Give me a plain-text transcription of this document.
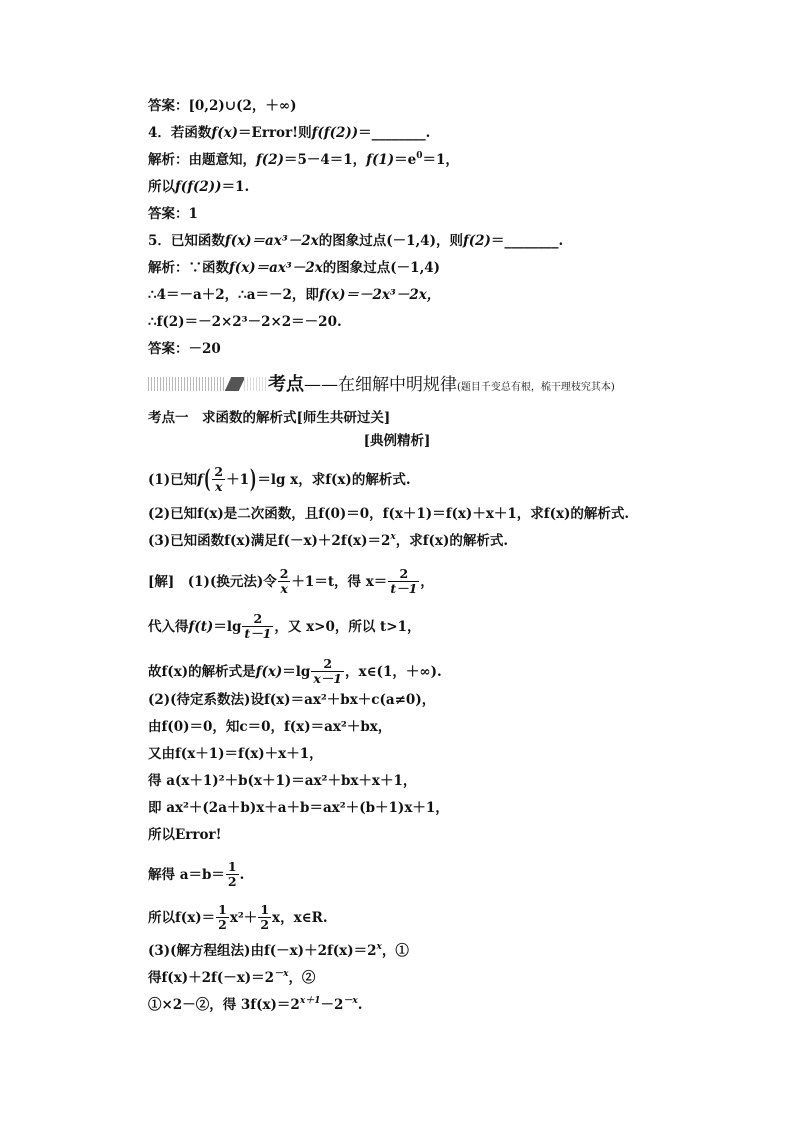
答案：[0,2)∪(2，＋∞)
4．若函数f(x)＝Error!则f(f(2))＝________.
解析：由题意知，f(2)＝5－4＝1，$f(1)=e^0=1$，
所以f(f(2))＝1.
答案：1
5．已知函数f(x)＝ax³－2x的图象过点(－1,4)，则f(2)＝________.
解析：∵函数f(x)＝ax³－2x的图象过点(－1,4)
∴4＝－a＋2，∴a＝－2，即f(x)＝－2x³－2x，
∴f(2)＝－2×2³－2×2＝－20.
答案：－20
考点——在细解中明规律(题目千变总有根，梳干理枝究其本)
考点一　求函数的解析式[师生共研过关]
[典例精析]
(1)已知$f( \frac{2}{x} +1)=\lg$ x，求f(x)的解析式.
(2)已知f(x)是二次函数，且f(0)＝0，f(x＋1)＝f(x)＋x＋1，求f(x)的解析式.
(3)已知函数f(x)满足$f(-x)+2f(x)=2^x$，求f(x)的解析式.
[解]　(1)(换元法)令 $\frac{2}{x} +1=t$，得 $x= \frac{2}{t-1}$ ，
代入得$f(t)=\lg \frac{2}{t-1}$ ，又 x>0，所以 t>1，
故f(x)的解析式是$f(x)=\lg \frac{2}{x-1}$ ，x∈(1，＋∞).
(2)(待定系数法)设f(x)＝ax²＋bx＋c(a≠0)，
由f(0)＝0，知c＝0，f(x)＝ax²＋bx，
又由f(x＋1)＝f(x)＋x＋1，
得 a(x＋1)²＋b(x＋1)＝ax²＋bx＋x＋1，
即 ax²＋(2a＋b)x＋a＋b＝ax²＋(b＋1)x＋1，
所以Error!
解得 $a=b= \frac{1}{2}$ .
所以$f(x)= \frac{1}{2} x^2+ \frac{1}{2}$ x，x∈R.
(3)(解方程组法)由$f(-x)+2f(x)=2^x$，①
得$f(x)+2f(-x)=2^{-x}$，②
①×2－②，得 $3f(x)=2^{x+1}-2^{-x}$.
